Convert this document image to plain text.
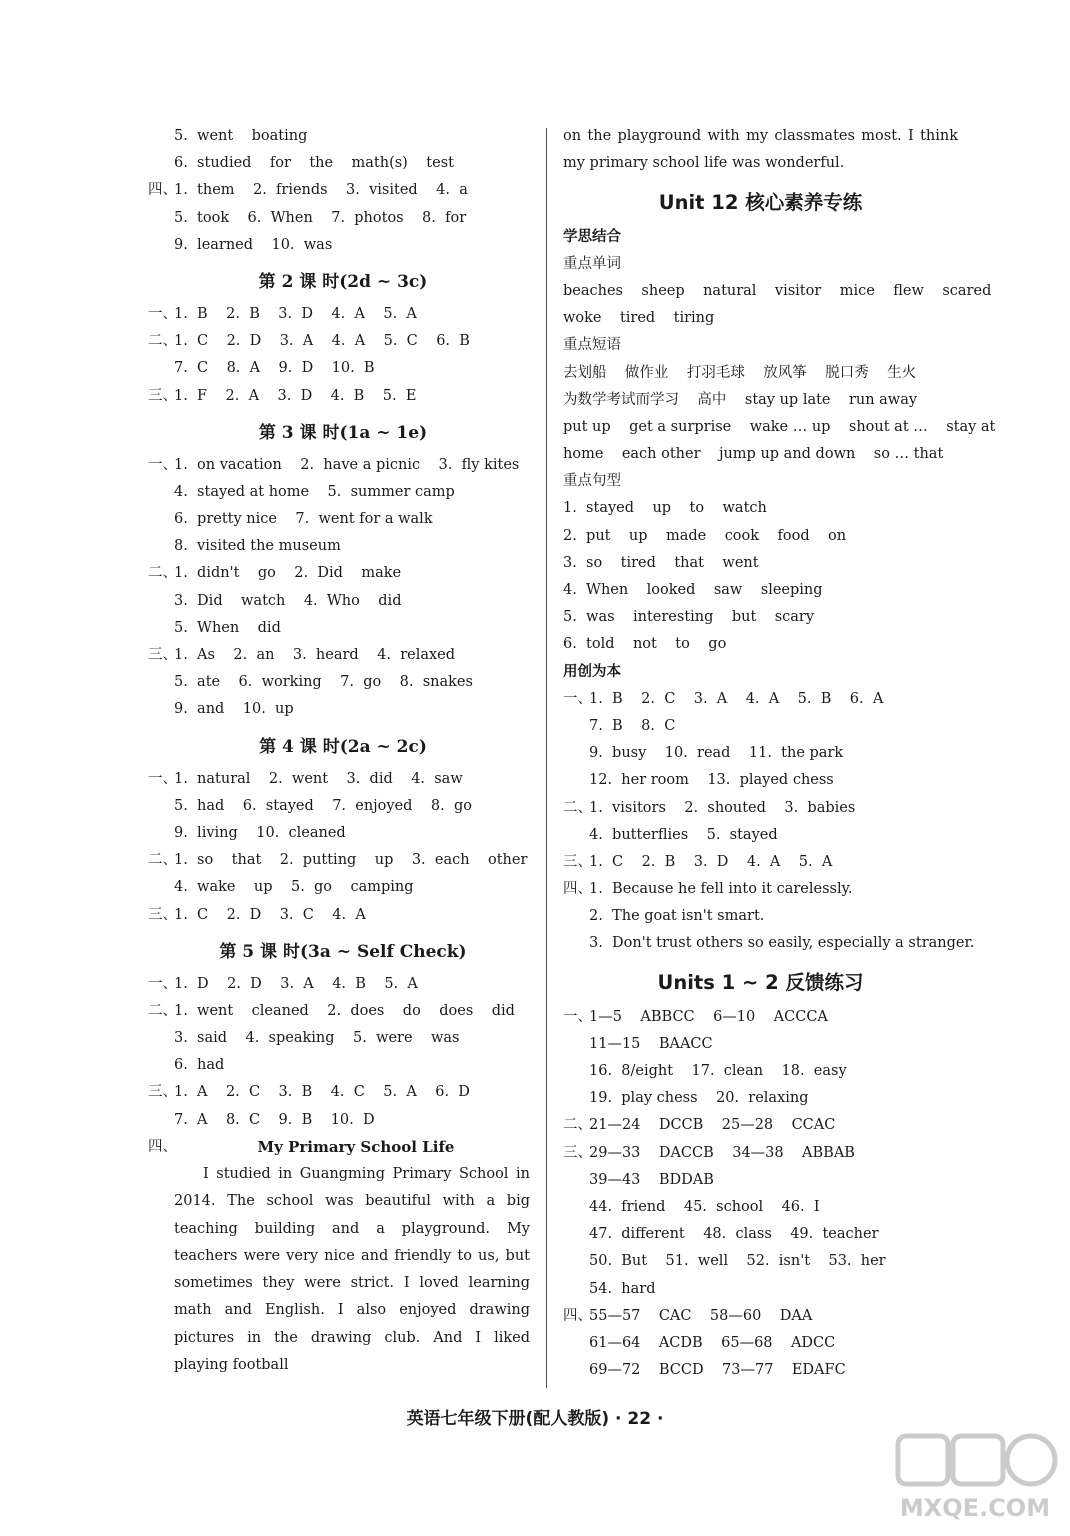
5.  went    boating
6.  studied    for    the    math(s)    test
四、
1.  them    2.  friends    3.  visited    4.  a
5.  took    6.  When    7.  photos    8.  for
9.  learned    10.  was
第 2 课 时(2d ~ 3c)
一、
1.  B    2.  B    3.  D    4.  A    5.  A
二、
1.  C    2.  D    3.  A    4.  A    5.  C    6.  B
7.  C    8.  A    9.  D    10.  B
三、
1.  F    2.  A    3.  D    4.  B    5.  E
第 3 课 时(1a ~ 1e)
一、
1.  on vacation    2.  have a picnic    3.  fly kites
4.  stayed at home    5.  summer camp
6.  pretty nice    7.  went for a walk
8.  visited the museum
二、
1.  didn't    go    2.  Did    make
3.  Did    watch    4.  Who    did
5.  When    did
三、
1.  As    2.  an    3.  heard    4.  relaxed
5.  ate    6.  working    7.  go    8.  snakes
9.  and    10.  up
第 4 课 时(2a ~ 2c)
一、
1.  natural    2.  went    3.  did    4.  saw
5.  had    6.  stayed    7.  enjoyed    8.  go
9.  living    10.  cleaned
二、
1.  so    that    2.  putting    up    3.  each    other
4.  wake    up    5.  go    camping
三、
1.  C    2.  D    3.  C    4.  A
第 5 课 时(3a ~ Self Check)
一、
1.  D    2.  D    3.  A    4.  B    5.  A
二、
1.  went    cleaned    2.  does    do    does    did
3.  said    4.  speaking    5.  were    was
6.  had
三、
1.  A    2.  C    3.  B    4.  C    5.  A    6.  D
7.  A    8.  C    9.  B    10.  D
四、	My Primary School Life
I studied in Guangming Primary School in 2014. The school was beautiful with a big teaching building and a playground. My teachers were very nice and friendly to us, but sometimes they were strict. I loved learning math and English. I also enjoyed drawing pictures in the drawing club. And I liked playing football
on the playground with my classmates most. I think my primary school life was wonderful.
Unit 12 核心素养专练
学思结合
重点单词
beaches    sheep    natural    visitor    mice    flew    scared
woke    tired    tiring
重点短语
去划船    做作业    打羽毛球    放风筝    脱口秀    生火
为数学考试而学习    高中    stay up late    run away
put up    get a surprise    wake … up    shout at …    stay at
home    each other    jump up and down    so … that
重点句型
1.  stayed    up    to    watch
2.  put    up    made    cook    food    on
3.  so    tired    that    went
4.  When    looked    saw    sleeping
5.  was    interesting    but    scary
6.  told    not    to    go
用创为本
一、
1.  B    2.  C    3.  A    4.  A    5.  B    6.  A
7.  B    8.  C
9.  busy    10.  read    11.  the park
12.  her room    13.  played chess
二、
1.  visitors    2.  shouted    3.  babies
4.  butterflies    5.  stayed
三、
1.  C    2.  B    3.  D    4.  A    5.  A
四、
1.  Because he fell into it carelessly.
2.  The goat isn't smart.
3.  Don't trust others so easily, especially a stranger.
Units 1 ~ 2 反馈练习
一、
1—5    ABBCC    6—10    ACCCA
11—15    BAACC
16.  8/eight    17.  clean    18.  easy
19.  play chess    20.  relaxing
二、
21—24    DCCB    25—28    CCAC
三、
29—33    DACCB    34—38    ABBAB
39—43    BDDAB
44.  friend    45.  school    46.  I
47.  different    48.  class    49.  teacher
50.  But    51.  well    52.  isn't    53.  her
54.  hard
四、
55—57    CAC    58—60    DAA
61—64    ACDB    65—68    ADCC
69—72    BCCD    73—77    EDAFC
英语七年级下册(配人教版) · 22 ·
MXQE.COM
